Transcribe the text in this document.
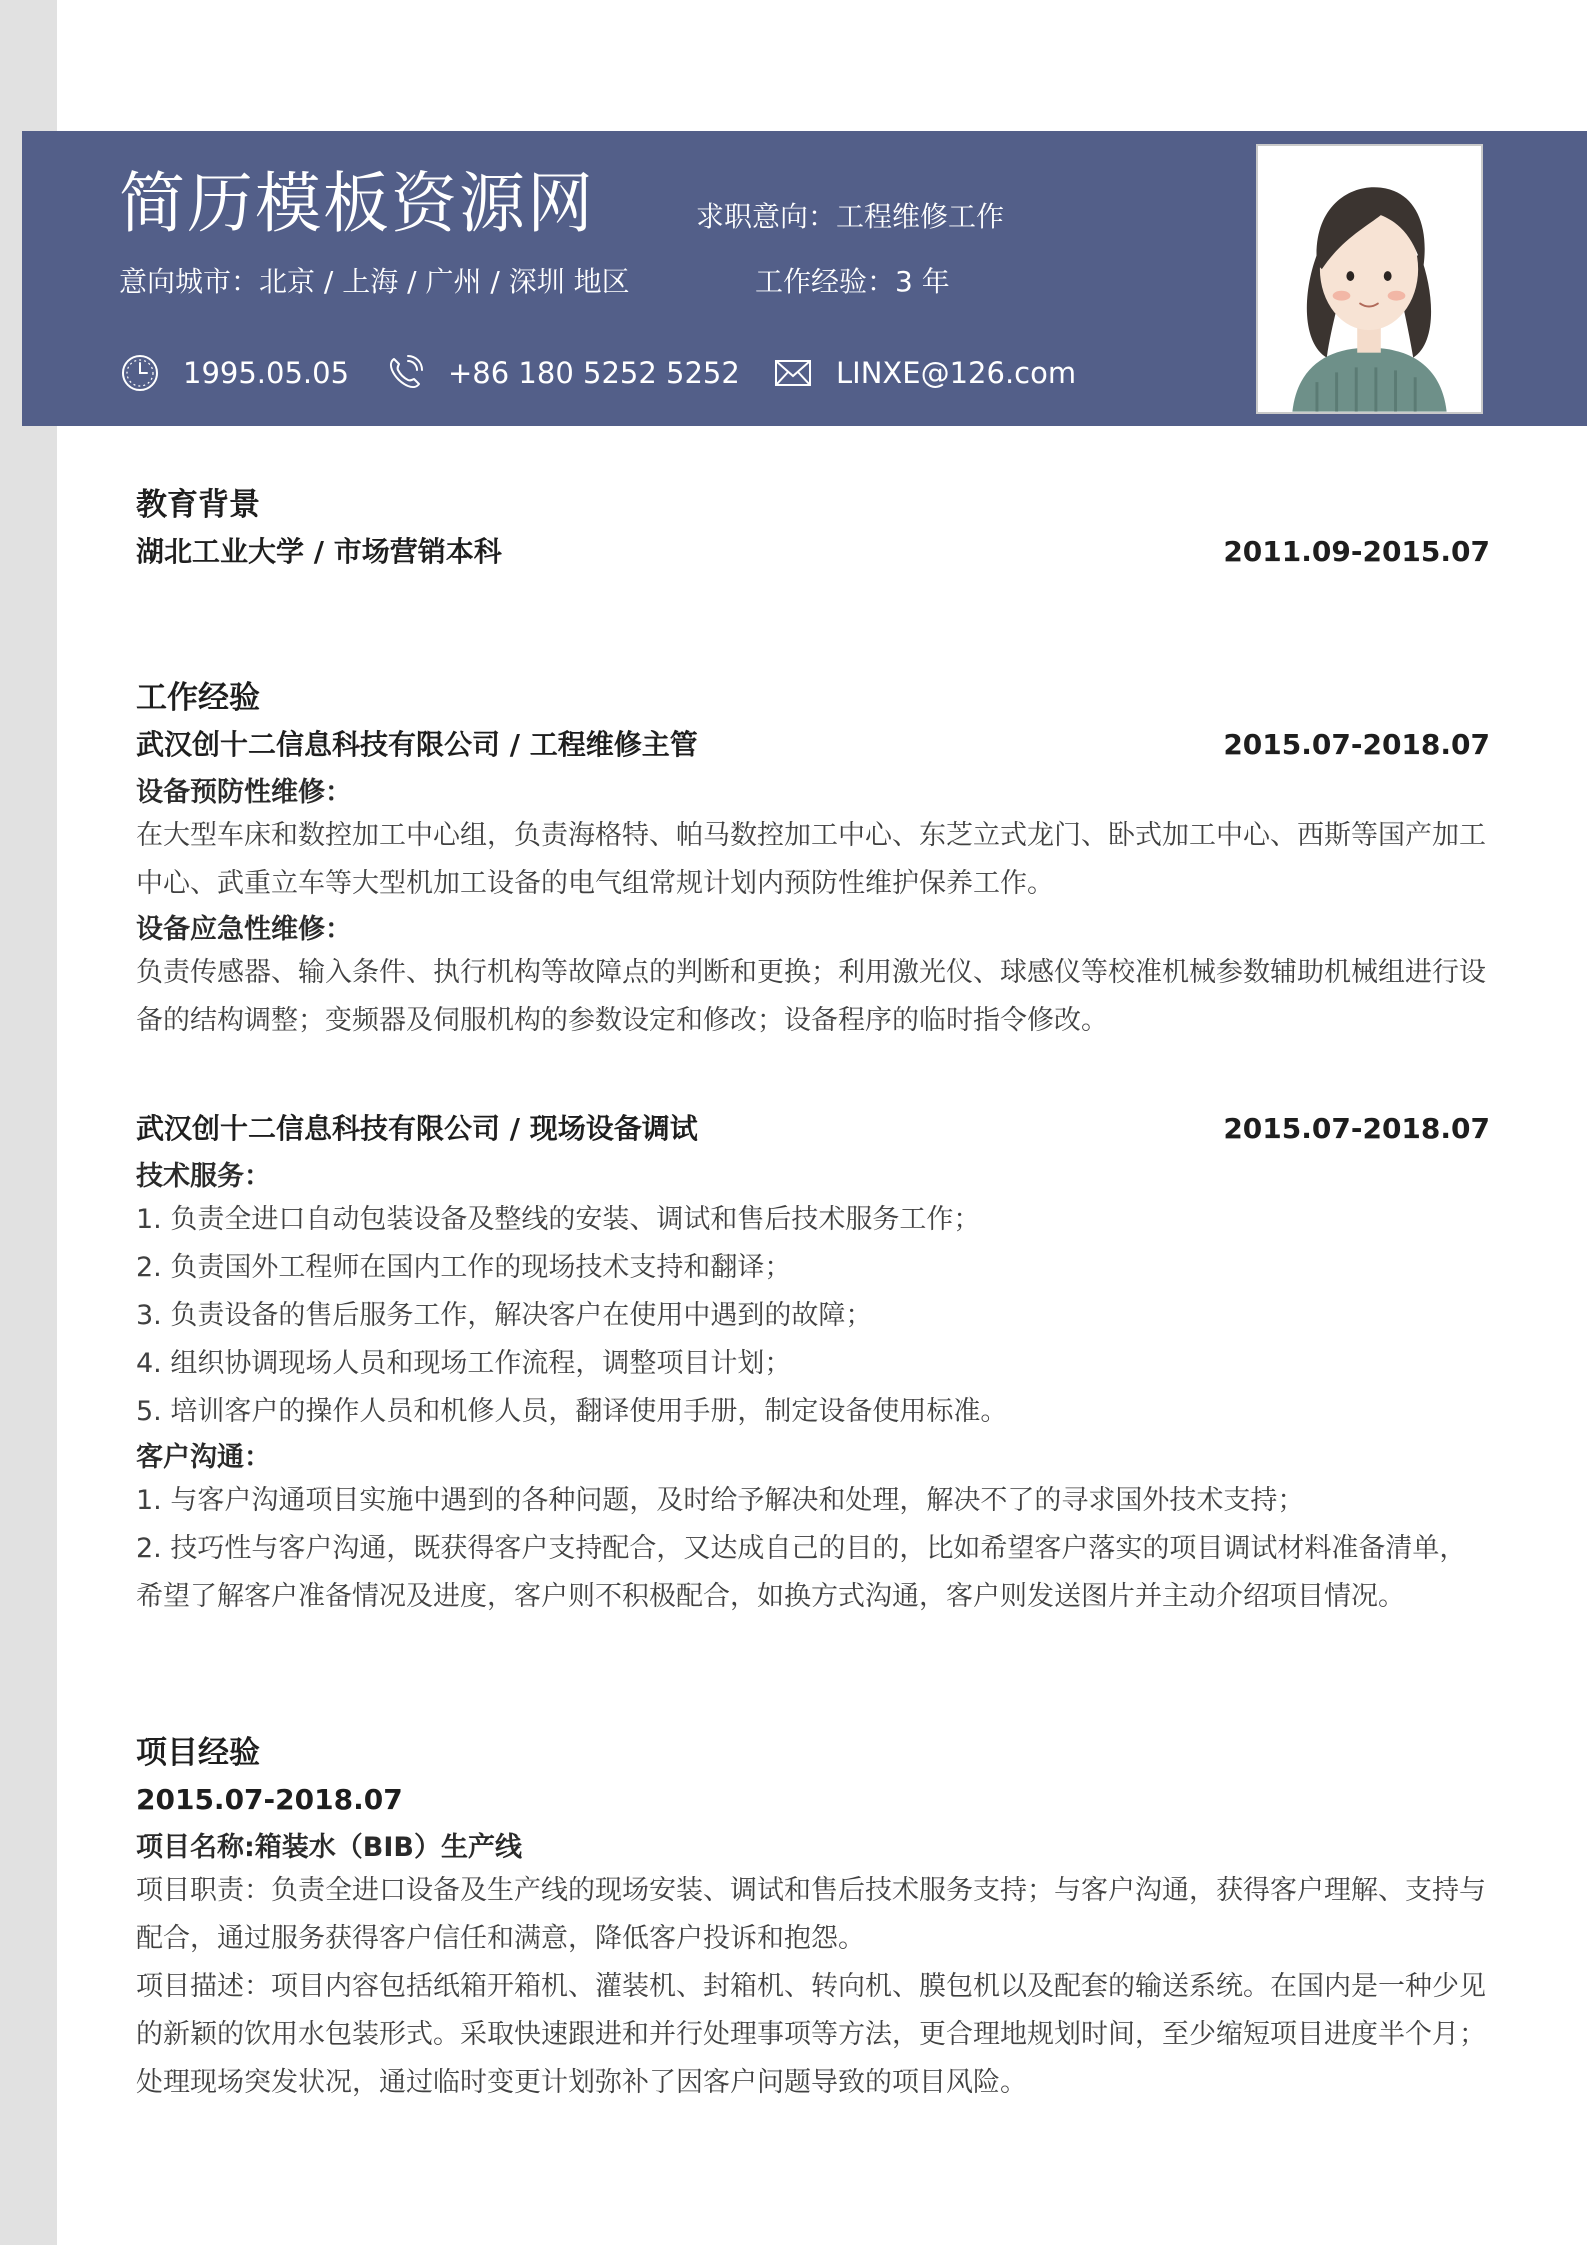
简历模板资源网	求职意向：工程维修工作
意向城市：北京 / 上海 / 广州 / 深圳 地区	工作经验：3 年
1995.05.05	+86 180 5252 5252	LINXE@126.com
教育背景
湖北工业大学 / 市场营销本科	2011.09-2015.07
工作经验
武汉创十二信息科技有限公司 / 工程维修主管	2015.07-2018.07
设备预防性维修：

在大型车床和数控加工中心组，负责海格特、帕马数控加工中心、东芝立式龙门、卧式加工中心、西斯等国产加工中心、武重立车等大型机加工设备的电气组常规计划内预防性维护保养工作。

设备应急性维修：

负责传感器、输入条件、执行机构等故障点的判断和更换；利用激光仪、球感仪等校准机械参数辅助机械组进行设备的结构调整；变频器及伺服机构的参数设定和修改；设备程序的临时指令修改。

武汉创十二信息科技有限公司 / 现场设备调试	2015.07-2018.07
技术服务：

1. 负责全进口自动包装设备及整线的安装、调试和售后技术服务工作；

2. 负责国外工程师在国内工作的现场技术支持和翻译；

3. 负责设备的售后服务工作，解决客户在使用中遇到的故障；

4. 组织协调现场人员和现场工作流程，调整项目计划；

5. 培训客户的操作人员和机修人员，翻译使用手册，制定设备使用标准。

客户沟通：

1. 与客户沟通项目实施中遇到的各种问题，及时给予解决和处理，解决不了的寻求国外技术支持；

2. 技巧性与客户沟通，既获得客户支持配合，又达成自己的目的，比如希望客户落实的项目调试材料准备清单，希望了解客户准备情况及进度，客户则不积极配合，如换方式沟通，客户则发送图片并主动介绍项目情况。

项目经验
2015.07-2018.07
项目名称:箱装水（BIB）生产线

项目职责：负责全进口设备及生产线的现场安装、调试和售后技术服务支持；与客户沟通，获得客户理解、支持与配合，通过服务获得客户信任和满意，降低客户投诉和抱怨。

项目描述：项目内容包括纸箱开箱机、灌装机、封箱机、转向机、膜包机以及配套的输送系统。在国内是一种少见的新颖的饮用水包装形式。采取快速跟进和并行处理事项等方法，更合理地规划时间，至少缩短项目进度半个月；处理现场突发状况，通过临时变更计划弥补了因客户问题导致的项目风险。
